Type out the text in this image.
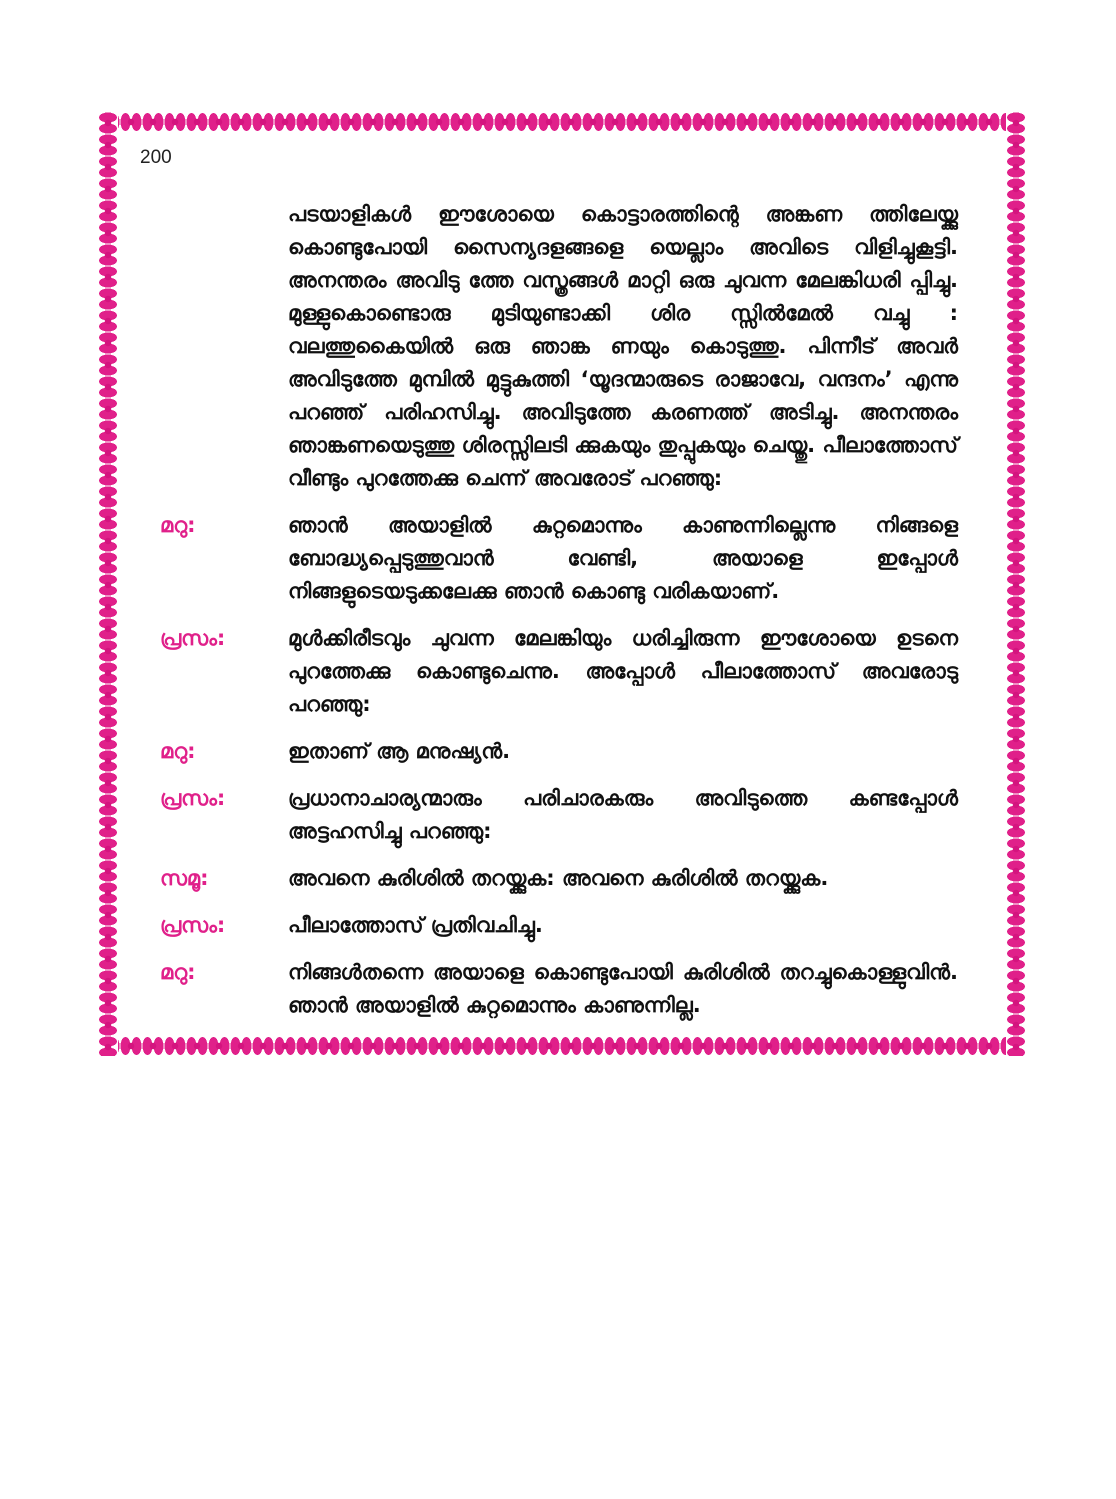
200
പടയാളികൾ ഈശോയെ കൊട്ടാരത്തിന്റെ അങ്കണ ത്തിലേയ്ക്കു കൊണ്ടുപോയി സൈന്യദളങ്ങളെ യെല്ലാം അവിടെ വിളിച്ചുകൂട്ടി. അനന്തരം അവിടു ത്തേ വസ്ത്രങ്ങൾ മാറ്റി ഒരു ചുവന്ന മേലങ്കിധരി പ്പിച്ചു. മുള്ളുകൊണ്ടൊരു മുടിയുണ്ടാക്കി ശിര സ്സിൽമേൽ വച്ചു : വലത്തുകൈയിൽ ഒരു ഞാങ്ക ണയും കൊടുത്തു. പിന്നീട് അവർ അവിടുത്തേ മുമ്പിൽ മുട്ടുകുത്തി ‘യൂദന്മാരുടെ രാജാവേ, വന്ദനം’ എന്നു പറഞ്ഞ് പരിഹസിച്ചു. അവിടുത്തേ കരണത്ത് അടിച്ചു. അനന്തരം ഞാങ്കണയെടുത്തു ശിരസ്സിലടി ക്കുകയും തുപ്പുകയും ചെയ്തു. പീലാത്തോസ് വീണ്ടും പുറത്തേക്കു ചെന്ന് അവരോട് പറഞ്ഞു:
മറു:	ഞാൻ അയാളിൽ കുറ്റമൊന്നും കാണുന്നില്ലെന്നു നിങ്ങളെ ബോദ്ധ്യപ്പെടുത്തുവാൻ വേണ്ടി, അയാളെ ഇപ്പോൾ നിങ്ങളുടെയടുക്കലേക്കു ഞാൻ കൊണ്ടു വരികയാണ്.
പ്രസം:	മുൾക്കിരീടവും ചുവന്ന മേലങ്കിയും ധരിച്ചിരുന്ന ഈശോയെ ഉടനെ പുറത്തേക്കു കൊണ്ടുചെന്നു. അപ്പോൾ പീലാത്തോസ് അവരോടു പറഞ്ഞു:
മറു:	ഇതാണ് ആ മനുഷ്യൻ.
പ്രസം:	പ്രധാനാചാര്യന്മാരും പരിചാരകരും അവിടുത്തെ കണ്ടപ്പോൾ അട്ടഹസിച്ചു പറഞ്ഞു:
സമൂ:	അവനെ കുരിശിൽ തറയ്ക്കുക: അവനെ കുരിശിൽ തറയ്ക്കുക.
പ്രസം:	പീലാത്തോസ് പ്രതിവചിച്ചു.
മറു:	നിങ്ങൾതന്നെ അയാളെ കൊണ്ടുപോയി കുരിശിൽ തറച്ചുകൊള്ളുവിൻ. ഞാൻ അയാളിൽ കുറ്റമൊന്നും കാണുന്നില്ല.
